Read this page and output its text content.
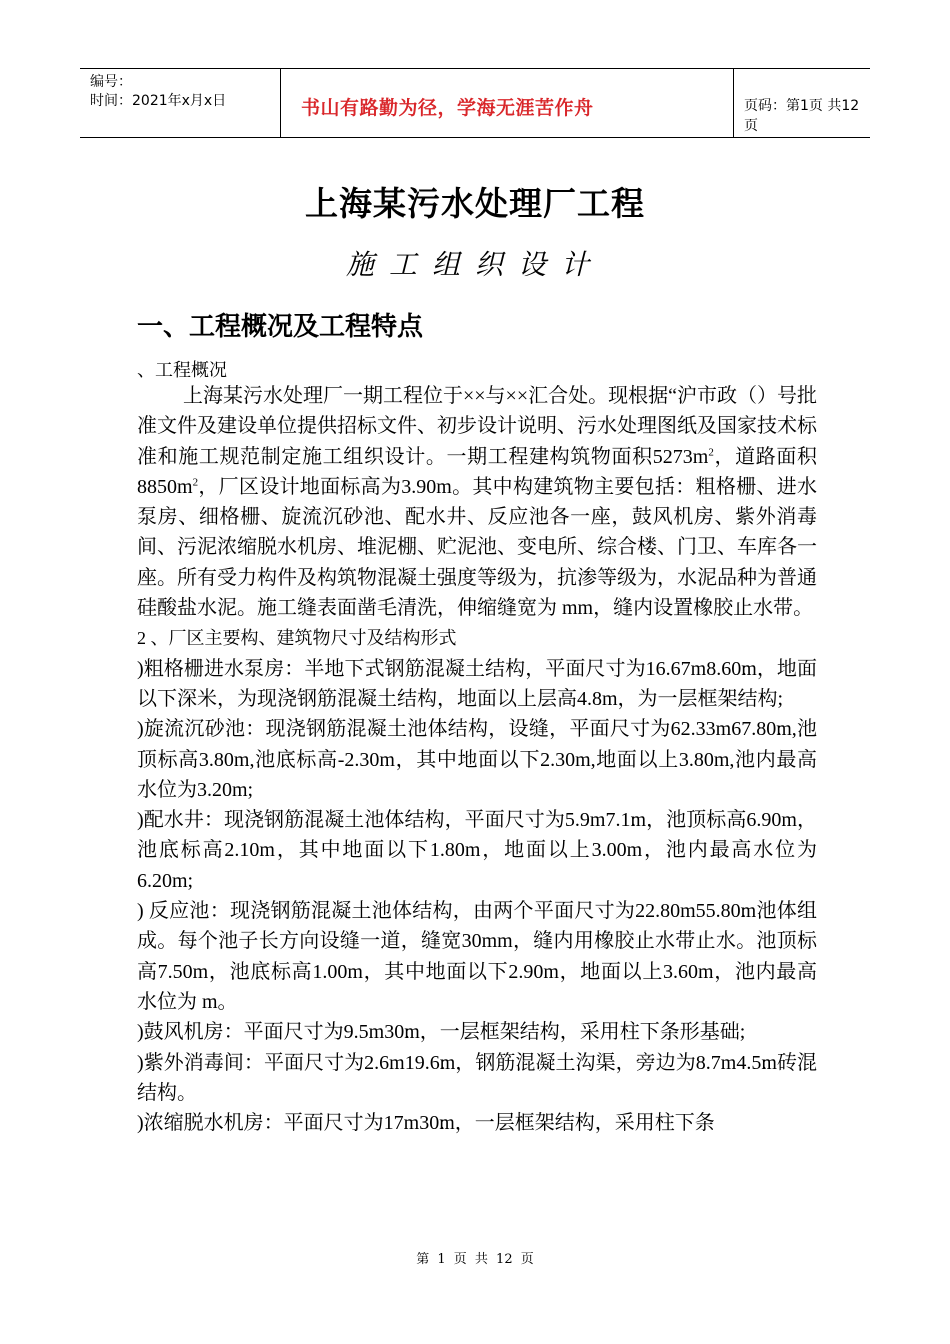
编号：
时间：2021年x月x日	书山有路勤为径，学海无涯苦作舟	页码：第1页 共12页
上海某污水处理厂工程
施工组织设计
一、工程概况及工程特点
、工程概况

上海某污水处理厂一期工程位于××与××汇合处。现根据“沪市政（）号批准文件及建设单位提供招标文件、初步设计说明、污水处理图纸及国家技术标准和施工规范制定施工组织设计。一期工程建构筑物面积$5273m^2$，道路面积$8850m^2$，厂区设计地面标高为3.90m。其中构建筑物主要包括：粗格栅、进水泵房、细格栅、旋流沉砂池、配水井、反应池各一座，鼓风机房、紫外消毒间、污泥浓缩脱水机房、堆泥棚、贮泥池、变电所、综合楼、门卫、车库各一座。所有受力构件及构筑物混凝土强度等级为，抗渗等级为，水泥品种为普通硅酸盐水泥。施工缝表面凿毛清洗，伸缩缝宽为 mm，缝内设置橡胶止水带。

2 、厂区主要构、建筑物尺寸及结构形式

)粗格栅进水泵房：半地下式钢筋混凝土结构，平面尺寸为16.67m׃8.60m，地面以下深米，为现浇钢筋混凝土结构，地面以上层高4.8m，为一层框架结构;

)旋流沉砂池：现浇钢筋混凝土池体结构，设缝，平面尺寸为62.33m׃67.80m,池顶标高3.80m,池底标高-2.30m，其中地面以下2.30m,地面以上3.80m,池内最高水位为3.20m;

)配水井：现浇钢筋混凝土池体结构，平面尺寸为5.9m׃7.1m，池顶标高6.90m，池底标高2.10m，其中地面以下1.80m，地面以上3.00m，池内最高水位为6.20m;

) 反应池：现浇钢筋混凝土池体结构，由两个平面尺寸为22.80m׃55.80m池体组成。每个池子长方向设缝一道，缝宽30mm，缝内用橡胶止水带止水。池顶标高7.50m，池底标高1.00m，其中地面以下2.90m，地面以上3.60m，池内最高水位为 m。

)鼓风机房：平面尺寸为9.5m׃30m，一层框架结构，采用柱下条形基础;

)紫外消毒间：平面尺寸为2.6m׃19.6m，钢筋混凝土沟渠，旁边为8.7m׃4.5m砖混结构。

)浓缩脱水机房：平面尺寸为17m׃30m，一层框架结构，采用柱下条

第 1 页 共 12 页
